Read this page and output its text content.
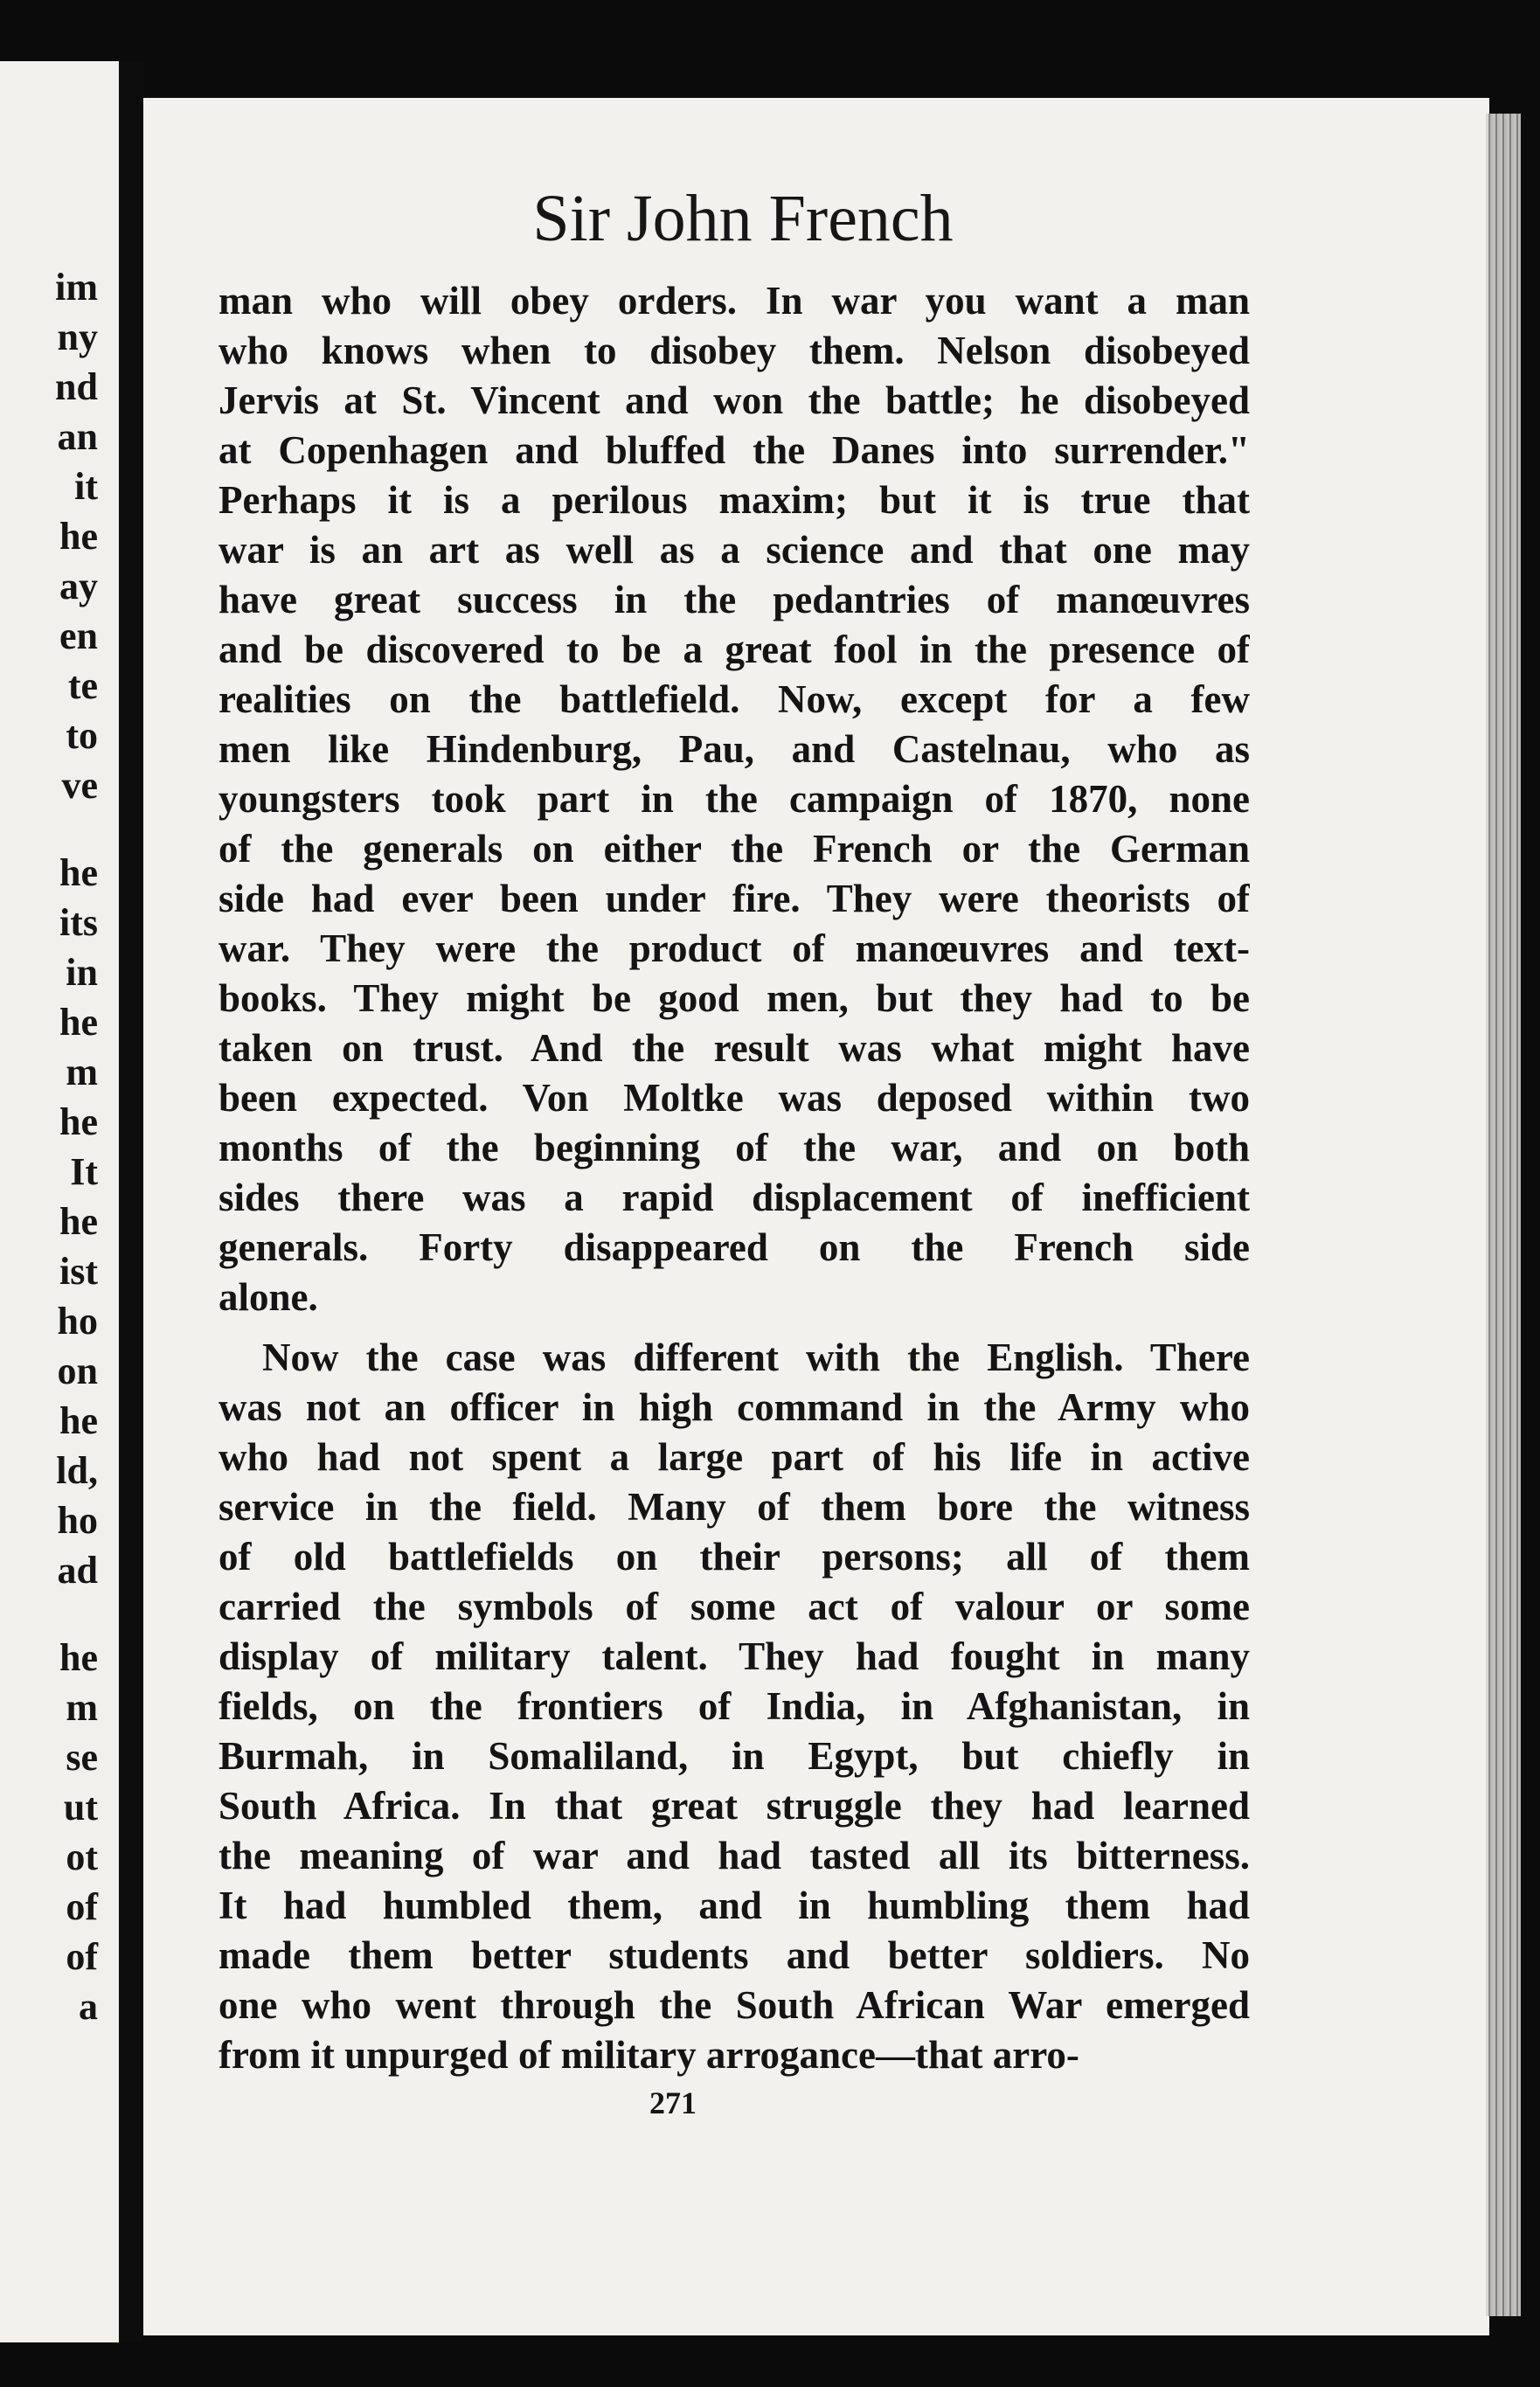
im
ny
nd
an
it
he
ay
en
te
to
ve
he
its
in
he
m
he
It
he
ist
ho
on
he
ld,
ho
ad
he
m
se
ut
ot
of
of
a
Sir John French
man who will obey orders. In war you want a man
who knows when to disobey them. Nelson disobeyed
Jervis at St. Vincent and won the battle; he disobeyed
at Copenhagen and bluffed the Danes into surrender."
Perhaps it is a perilous maxim; but it is true that
war is an art as well as a science and that one may
have great success in the pedantries of manœuvres
and be discovered to be a great fool in the presence of
realities on the battlefield. Now, except for a few
men like Hindenburg, Pau, and Castelnau, who as
youngsters took part in the campaign of 1870, none
of the generals on either the French or the German
side had ever been under fire. They were theorists of
war. They were the product of manœuvres and text-
books. They might be good men, but they had to be
taken on trust. And the result was what might have
been expected. Von Moltke was deposed within two
months of the beginning of the war, and on both
sides there was a rapid displacement of inefficient
generals. Forty disappeared on the French side
alone.
Now the case was different with the English. There
was not an officer in high command in the Army who
who had not spent a large part of his life in active
service in the field. Many of them bore the witness
of old battlefields on their persons; all of them
carried the symbols of some act of valour or some
display of military talent. They had fought in many
fields, on the frontiers of India, in Afghanistan, in
Burmah, in Somaliland, in Egypt, but chiefly in
South Africa. In that great struggle they had learned
the meaning of war and had tasted all its bitterness.
It had humbled them, and in humbling them had
made them better students and better soldiers. No
one who went through the South African War emerged
from it unpurged of military arrogance—that arro-
271
